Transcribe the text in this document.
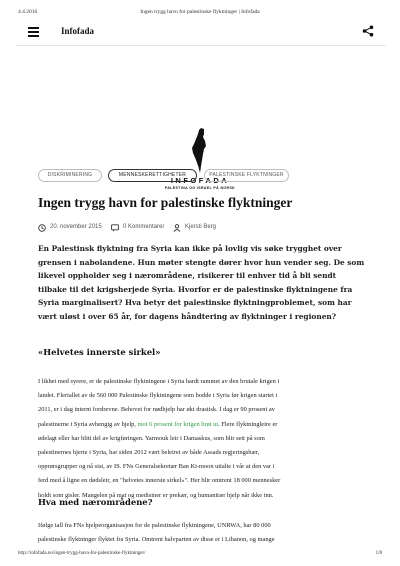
4.4.2016	Ingen trygg havn for palestinske flyktninger | Infofada
Infofada
INFOFADA
PALESTINA OG ISRAEL PÅ NORSK
DISKRIMINERING	MENNESKERETTIGHETER	PALESTINSKE FLYKTNINGER
Ingen trygg havn for palestinske flyktninger
20. november 2015	0 Kommentarer	Kjersti Berg
En Palestinsk flyktning fra Syria kan ikke på lovlig vis søke trygghet over
grensen i nabolandene. Hun møter stengte dører hvor hun vender seg. De som
likevel oppholder seg i nærområdene, risikerer til enhver tid å bli sendt
tilbake til det krigsherjede Syria. Hvorfor er de palestinske flyktningene fra
Syria marginalisert? Hva betyr det palestinske flyktningproblemet, som har
vært uløst i over 65 år, for dagens håndtering av flyktninger i regionen?
«Helvetes innerste sirkel»
I likhet med syrere, er de palestinske flyktningene i Syria hardt rammet av den brutale krigen i
landet. Flertallet av de 560 000 Palestinske flyktningene som bodde i Syria før krigen startet i
2011, er i dag internt fordrevne. Behovet for nødhjelp har økt drastisk. I dag er 90 prosent av
palestinerne i Syria avhengig av hjelp, mot 6 prosent for krigen brøt ut. Flere flyktningleire er
ødelagt eller har blitt del av krigføringen. Yarmouk leir i Damaskus, som blir sett på som
palestinernes hjerte i Syria, har siden 2012 vært beleiret av både Assads regjeringshær,
opprørsgrupper og nå sist, av IS. FNs Generalsekretær Ban Ki-moon uttalte i vår at den var i
ferd med å ligne en dødsleir, en "helvetes innerste sirkel»". Her blir omtrent 18 000 mennesker
holdt som gisler. Mangelen på mat og medisiner er prekær, og humanitær hjelp når ikke inn.
Hva med nærområdene?
Ifølge tall fra FNs hjelpeorganisasjon for de palestinske flyktningene, UNRWA, har 80 000
palestinske flyktninger flyktet fra Syria. Omtrent halvparten av disse er i Libanon, og mange
http://infofada.no/ingen-trygg-havn-for-palestinske-flyktninger/	1/8
